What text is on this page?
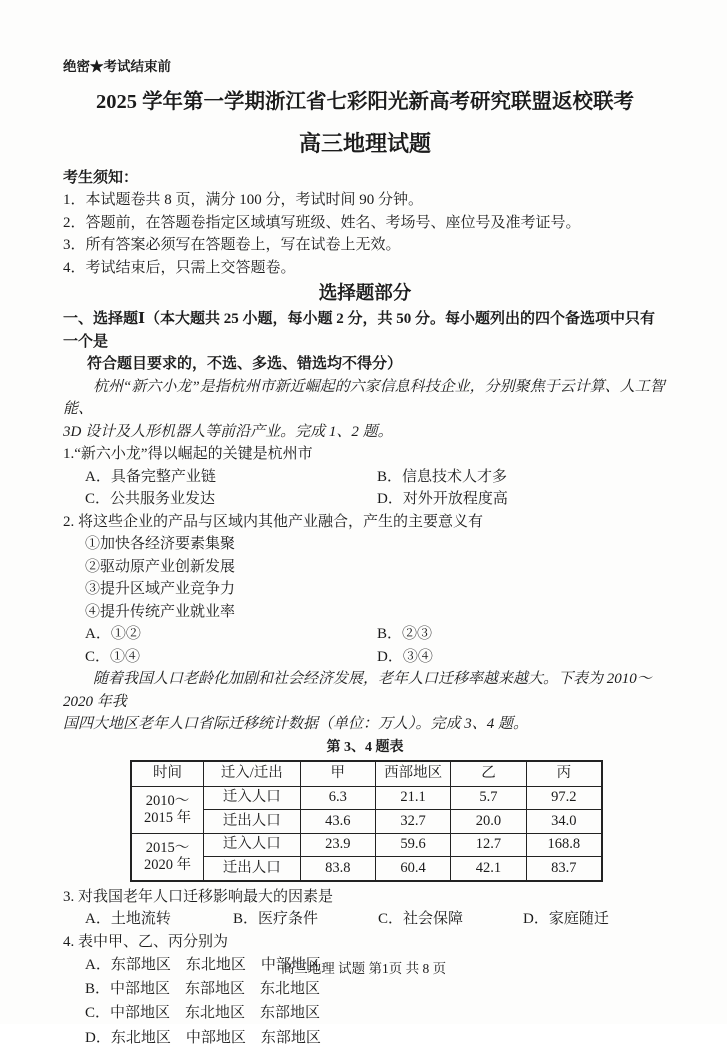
绝密★考试结束前
2025 学年第一学期浙江省七彩阳光新高考研究联盟返校联考
高三地理试题
考生须知：
1．本试题卷共 8 页，满分 100 分，考试时间 90 分钟。
2．答题前，在答题卷指定区域填写班级、姓名、考场号、座位号及准考证号。
3．所有答案必须写在答题卷上，写在试卷上无效。
4．考试结束后，只需上交答题卷。
选择题部分
一、选择题Ⅰ（本大题共 25 小题，每小题 2 分，共 50 分。每小题列出的四个备选项中只有一个是
符合题目要求的，不选、多选、错选均不得分）
杭州“新六小龙”是指杭州市新近崛起的六家信息科技企业，分别聚焦于云计算、人工智能、
3D 设计及人形机器人等前沿产业。完成 1、2 题。
1.“新六小龙”得以崛起的关键是杭州市
A．具备完整产业链	B．信息技术人才多
C．公共服务业发达	D．对外开放程度高
2. 将这些企业的产品与区域内其他产业融合，产生的主要意义有
①加快各经济要素集聚
②驱动原产业创新发展
③提升区域产业竞争力
④提升传统产业就业率
A．①②	B．②③
C．①④	D．③④
随着我国人口老龄化加剧和社会经济发展，老年人口迁移率越来越大。下表为 2010～2020 年我
国四大地区老年人口省际迁移统计数据（单位：万人）。完成 3、4 题。
第 3、4 题表
时间	迁入/迁出	甲	西部地区	乙	丙

2010～
2015 年	迁入人口	6.3	21.1	5.7	97.2
	迁出人口	43.6	32.7	20.0	34.0

2015～
2020 年	迁入人口	23.9	59.6	12.7	168.8
	迁出人口	83.8	60.4	42.1	83.7
3. 对我国老年人口迁移影响最大的因素是
A．土地流转	B．医疗条件	C．社会保障	D．家庭随迁
4. 表中甲、乙、丙分别为
A．东部地区　东北地区　中部地区
B．中部地区　东部地区　东北地区
C．中部地区　东北地区　东部地区
D．东北地区　中部地区　东部地区
高三地理 试题 第1页 共 8 页
